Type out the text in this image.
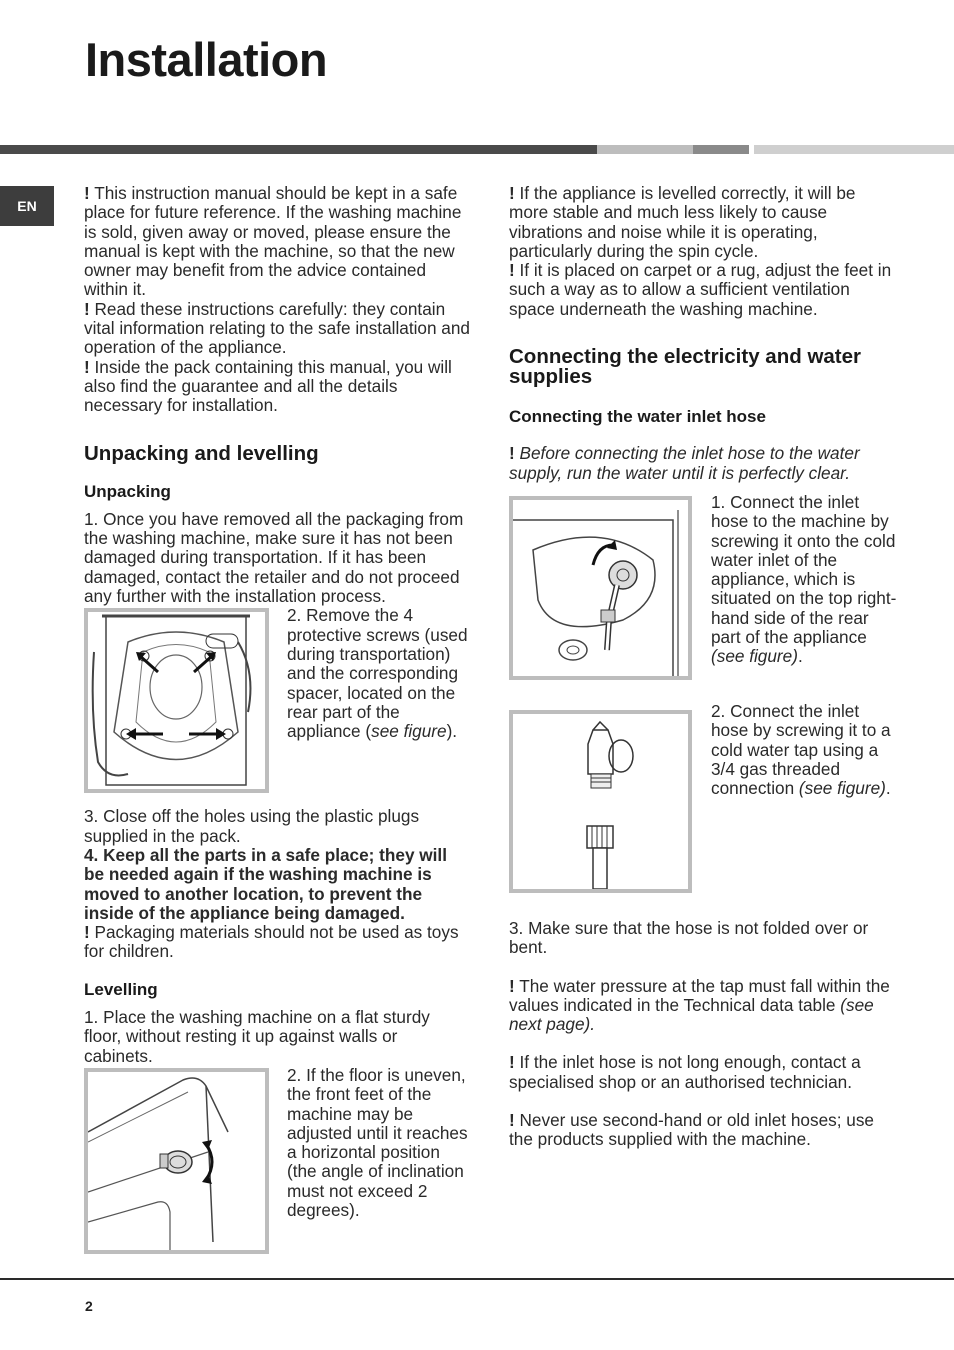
Installation
EN

! This instruction manual should be kept in a safe place for future reference. If the washing machine is sold, given away or moved, please ensure the manual is kept with the machine, so that the new owner may benefit from the advice contained within it.

! Read these instructions carefully: they contain vital information relating to the safe installation and operation of the appliance.

! Inside the pack containing this manual, you will also find the guarantee and all the details necessary for installation.

Unpacking and levelling
Unpacking

1. Once you have removed all the packaging from the washing machine, make sure it has not been damaged during transportation. If it has been damaged, contact the retailer and do not proceed any further with the installation process.

2. Remove the 4 protective screws (used during transportation) and the corresponding spacer, located on the rear part of the appliance (see figure).

3. Close off the holes using the plastic plugs supplied in the pack.

4. Keep all the parts in a safe place; they will be needed again if the washing machine is moved to another location, to prevent the inside of the appliance being damaged.

! Packaging materials should not be used as toys for children.

Levelling

1. Place the washing machine on a flat sturdy floor, without resting it up against walls or cabinets.

2. If the floor is uneven, the front feet of the machine may be adjusted until it reaches a horizontal position (the angle of inclination must not exceed 2 degrees).

! If the appliance is levelled correctly, it will be more stable and much less likely to cause vibrations and noise while it is operating, particularly during the spin cycle.

! If it is placed on carpet or a rug, adjust the feet in such a way as to allow a sufficient ventilation space underneath the washing machine.

Connecting the electricity and water supplies
Connecting the water inlet hose

! Before connecting the inlet hose to the water supply, run the water until it is perfectly clear.

1. Connect the inlet hose to the machine by screwing it onto the cold water inlet of the appliance, which is situated on the top right-hand side of the rear part of the appliance (see figure).
2. Connect the inlet hose by screwing it to a cold water tap using a 3/4 gas threaded connection (see figure).

3. Make sure that the hose is not folded over or bent.

! The water pressure at the tap must fall within the values indicated in the Technical data table (see next page).

! If the inlet hose is not long enough, contact a specialised shop or an authorised technician.

! Never use second-hand or old inlet hoses; use the products supplied with the machine.

2
